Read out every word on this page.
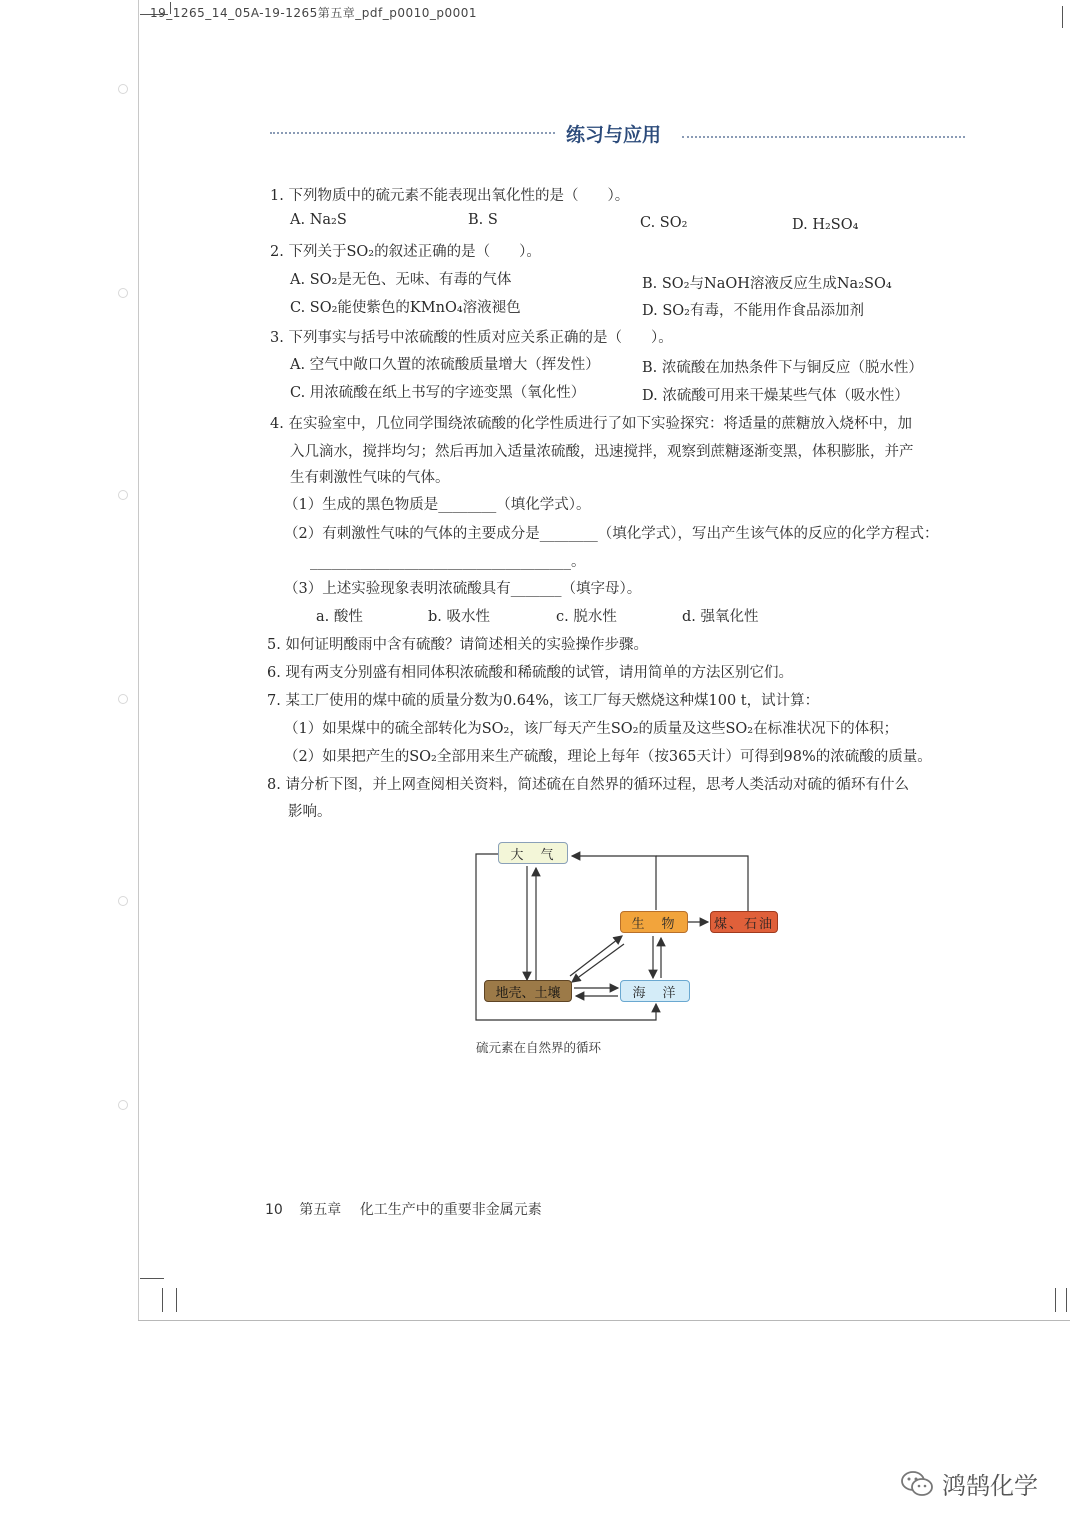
19_1265_14_05A-19-1265第五章_pdf_p0010_p0001
练习与应用
1. 下列物质中的硫元素不能表现出氧化性的是（　　）。
A. Na₂S	B. S	C. SO₂	D. H₂SO₄
2. 下列关于SO₂的叙述正确的是（　　）。
A. SO₂是无色、无味、有毒的气体	B. SO₂与NaOH溶液反应生成Na₂SO₄
C. SO₂能使紫色的KMnO₄溶液褪色	D. SO₂有毒，不能用作食品添加剂
3. 下列事实与括号中浓硫酸的性质对应关系正确的是（　　）。
A. 空气中敞口久置的浓硫酸质量增大（挥发性）	B. 浓硫酸在加热条件下与铜反应（脱水性）
C. 用浓硫酸在纸上书写的字迹变黑（氧化性）	D. 浓硫酸可用来干燥某些气体（吸水性）
4. 在实验室中，几位同学围绕浓硫酸的化学性质进行了如下实验探究：将适量的蔗糖放入烧杯中，加
入几滴水，搅拌均匀；然后再加入适量浓硫酸，迅速搅拌，观察到蔗糖逐渐变黑，体积膨胀，并产
生有刺激性气味的气体。
（1）生成的黑色物质是________（填化学式）。
（2）有刺激性气味的气体的主要成分是________（填化学式），写出产生该气体的反应的化学方程式：
____________________________________。
（3）上述实验现象表明浓硫酸具有_______（填字母）。
a. 酸性	b. 吸水性	c. 脱水性	d. 强氧化性
5. 如何证明酸雨中含有硫酸？请简述相关的实验操作步骤。
6. 现有两支分别盛有相同体积浓硫酸和稀硫酸的试管，请用简单的方法区别它们。
7. 某工厂使用的煤中硫的质量分数为0.64%，该工厂每天燃烧这种煤100 t，试计算：
（1）如果煤中的硫全部转化为SO₂，该厂每天产生SO₂的质量及这些SO₂在标准状况下的体积；
（2）如果把产生的SO₂全部用来生产硫酸，理论上每年（按365天计）可得到98%的浓硫酸的质量。
8. 请分析下图，并上网查阅相关资料，简述硫在自然界的循环过程，思考人类活动对硫的循环有什么
影响。
大　气
生　物	煤、石油
地壳、土壤	海　洋
硫元素在自然界的循环
10 第五章 化工生产中的重要非金属元素
鸿鹄化学
